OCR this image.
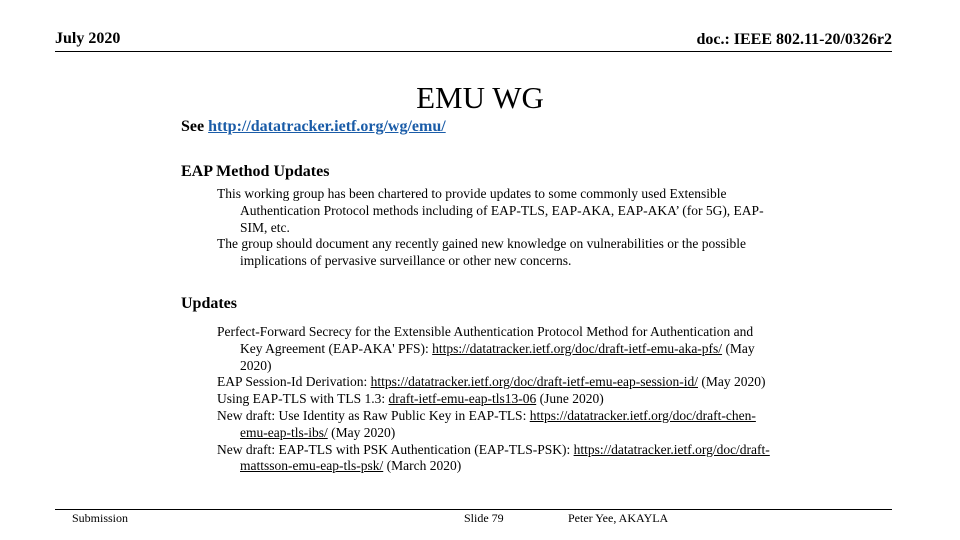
July 2020	doc.: IEEE 802.11-20/0326r2
EMU WG
See http://datatracker.ietf.org/wg/emu/
EAP Method Updates

This working group has been chartered to provide updates to some commonly used Extensible Authentication Protocol methods including of EAP-TLS, EAP-AKA, EAP-AKA’ (for 5G), EAP-SIM, etc.

The group should document any recently gained new knowledge on vulnerabilities or the possible implications of pervasive surveillance or other new concerns.

Updates

Perfect-Forward Secrecy for the Extensible Authentication Protocol Method for Authentication and Key Agreement (EAP-AKA' PFS): https://datatracker.ietf.org/doc/draft-ietf-emu-aka-pfs/ (May 2020)

EAP Session-Id Derivation: https://datatracker.ietf.org/doc/draft-ietf-emu-eap-session-id/ (May 2020)

Using EAP-TLS with TLS 1.3: draft-ietf-emu-eap-tls13-06 (June 2020)

New draft: Use Identity as Raw Public Key in EAP-TLS: https://datatracker.ietf.org/doc/draft-chen-emu-eap-tls-ibs/ (May 2020)

New draft: EAP-TLS with PSK Authentication (EAP-TLS-PSK): https://datatracker.ietf.org/doc/draft-mattsson-emu-eap-tls-psk/ (March 2020)

Submission	Slide 79	Peter Yee, AKAYLA
